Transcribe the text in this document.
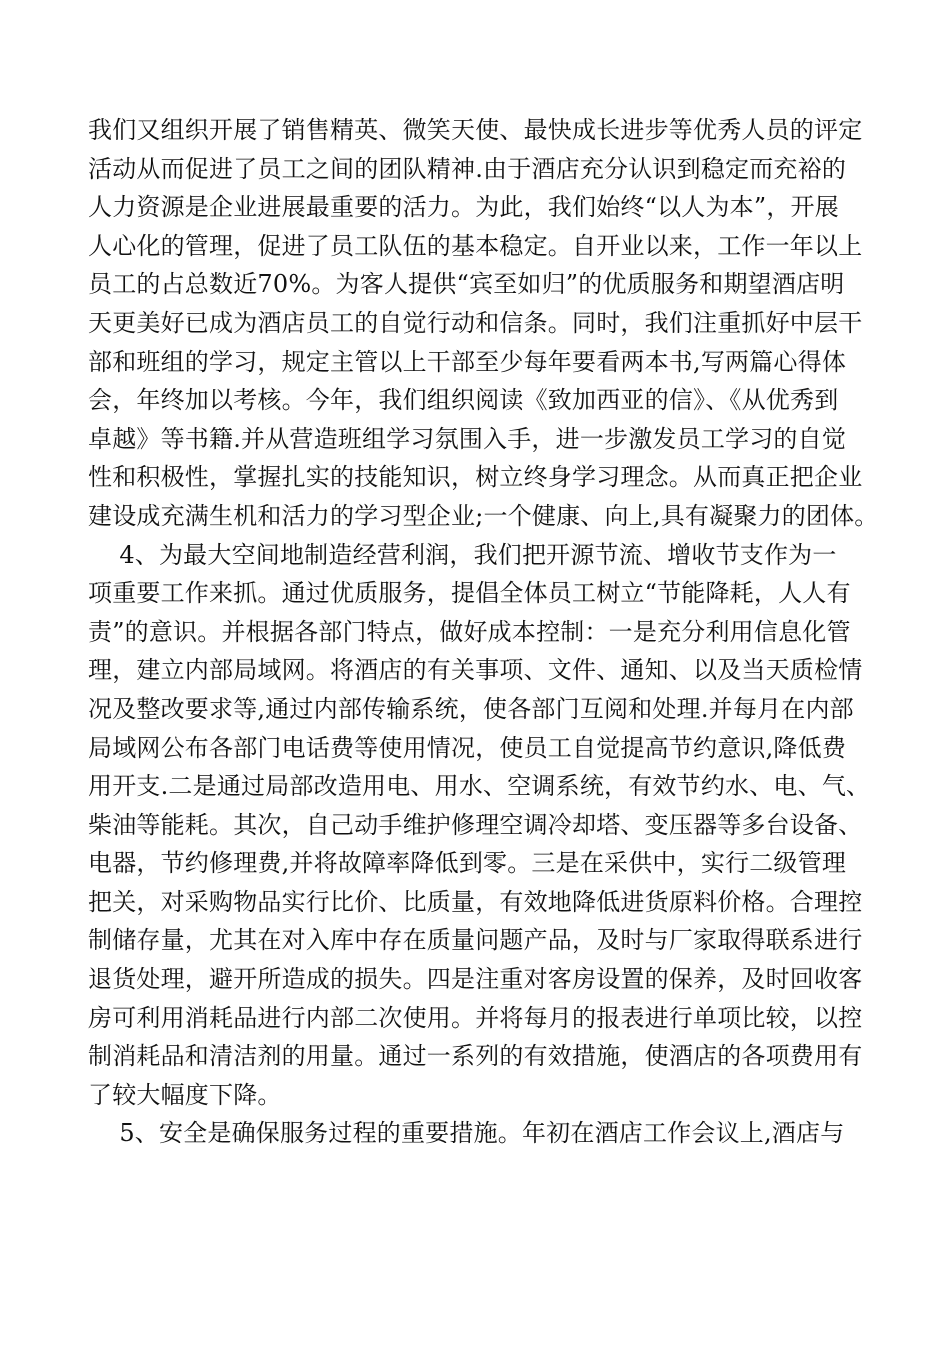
我们又组织开展了销售精英、微笑天使、最快成长进步等优秀人员的评定
活动从而促进了员工之间的团队精神.由于酒店充分认识到稳定而充裕的
人力资源是企业进展最重要的活力。为此，我们始终“以人为本”，开展
人心化的管理，促进了员工队伍的基本稳定。自开业以来，工作一年以上
员工的占总数近70%。为客人提供“宾至如归”的优质服务和期望酒店明
天更美好已成为酒店员工的自觉行动和信条。同时，我们注重抓好中层干
部和班组的学习，规定主管以上干部至少每年要看两本书,写两篇心得体
会，年终加以考核。今年，我们组织阅读《致加西亚的信》、《从优秀到
卓越》等书籍.并从营造班组学习氛围入手，进一步激发员工学习的自觉
性和积极性，掌握扎实的技能知识，树立终身学习理念。从而真正把企业
建设成充满生机和活力的学习型企业;一个健康、向上,具有凝聚力的团体。
4、为最大空间地制造经营利润，我们把开源节流、增收节支作为一
项重要工作来抓。通过优质服务，提倡全体员工树立“节能降耗，人人有
责”的意识。并根据各部门特点，做好成本控制：一是充分利用信息化管
理，建立内部局域网。将酒店的有关事项、文件、通知、以及当天质检情
况及整改要求等,通过内部传输系统，使各部门互阅和处理.并每月在内部
局域网公布各部门电话费等使用情况，使员工自觉提高节约意识,降低费
用开支.二是通过局部改造用电、用水、空调系统，有效节约水、电、气、
柴油等能耗。其次，自己动手维护修理空调冷却塔、变压器等多台设备、
电器，节约修理费,并将故障率降低到零。三是在采供中，实行二级管理
把关，对采购物品实行比价、比质量，有效地降低进货原料价格。合理控
制储存量，尤其在对入库中存在质量问题产品，及时与厂家取得联系进行
退货处理，避开所造成的损失。四是注重对客房设置的保养，及时回收客
房可利用消耗品进行内部二次使用。并将每月的报表进行单项比较，以控
制消耗品和清洁剂的用量。通过一系列的有效措施，使酒店的各项费用有
了较大幅度下降。
5、安全是确保服务过程的重要措施。年初在酒店工作会议上,酒店与
